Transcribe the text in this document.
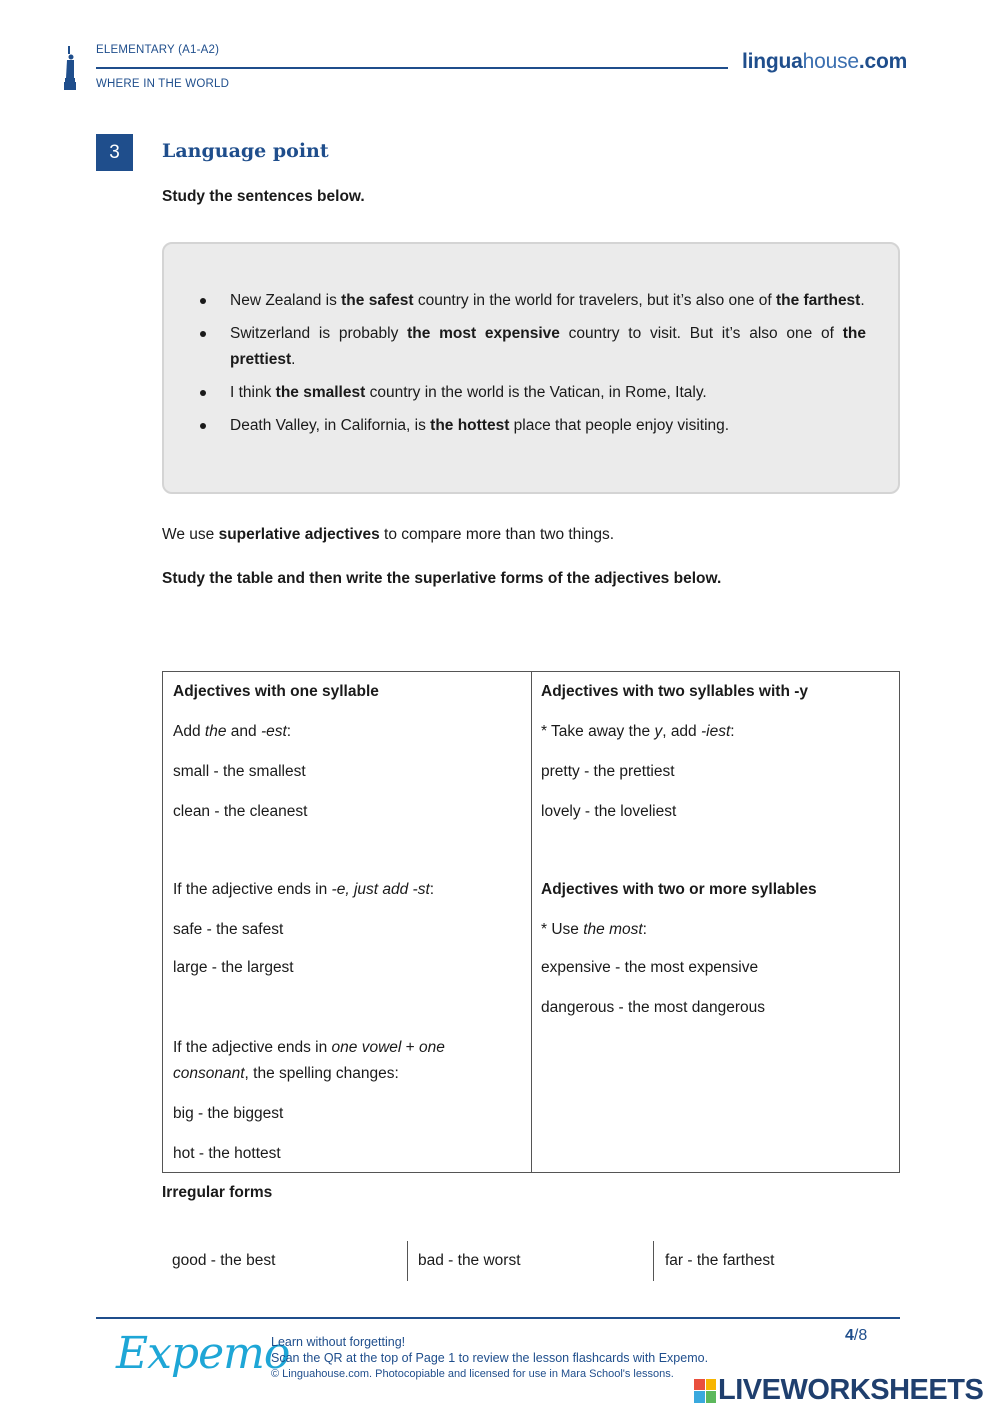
ELEMENTARY (A1-A2)
WHERE IN THE WORLD
linguahouse.com
3	Language point
Study the sentences below.
New Zealand is the safest country in the world for travelers, but it’s also one of the farthest.
Switzerland is probably the most expensive country to visit. But it’s also one of the prettiest.
I think the smallest country in the world is the Vatican, in Rome, Italy.
Death Valley, in California, is the hottest place that people enjoy visiting.
We use superlative adjectives to compare more than two things.
Study the table and then write the superlative forms of the adjectives below.
Adjectives with one syllable
Add the and -est:
small - the smallest
clean - the cleanest
If the adjective ends in -e, just add -st:
safe - the safest
large - the largest
If the adjective ends in one vowel + one consonant, the spelling changes:
big - the biggest
hot - the hottest
Adjectives with two syllables with -y
* Take away the y, add -iest:
pretty - the prettiest
lovely - the loveliest
Adjectives with two or more syllables
* Use the most:
expensive - the most expensive
dangerous - the most dangerous
Irregular forms
good - the best	bad - the worst	far - the farthest
Expemo
Learn without forgetting!
Scan the QR at the top of Page 1 to review the lesson flashcards with Expemo.
© Linguahouse.com. Photocopiable and licensed for use in Mara School's lessons.
4/8
LIVEWORKSHEETS
